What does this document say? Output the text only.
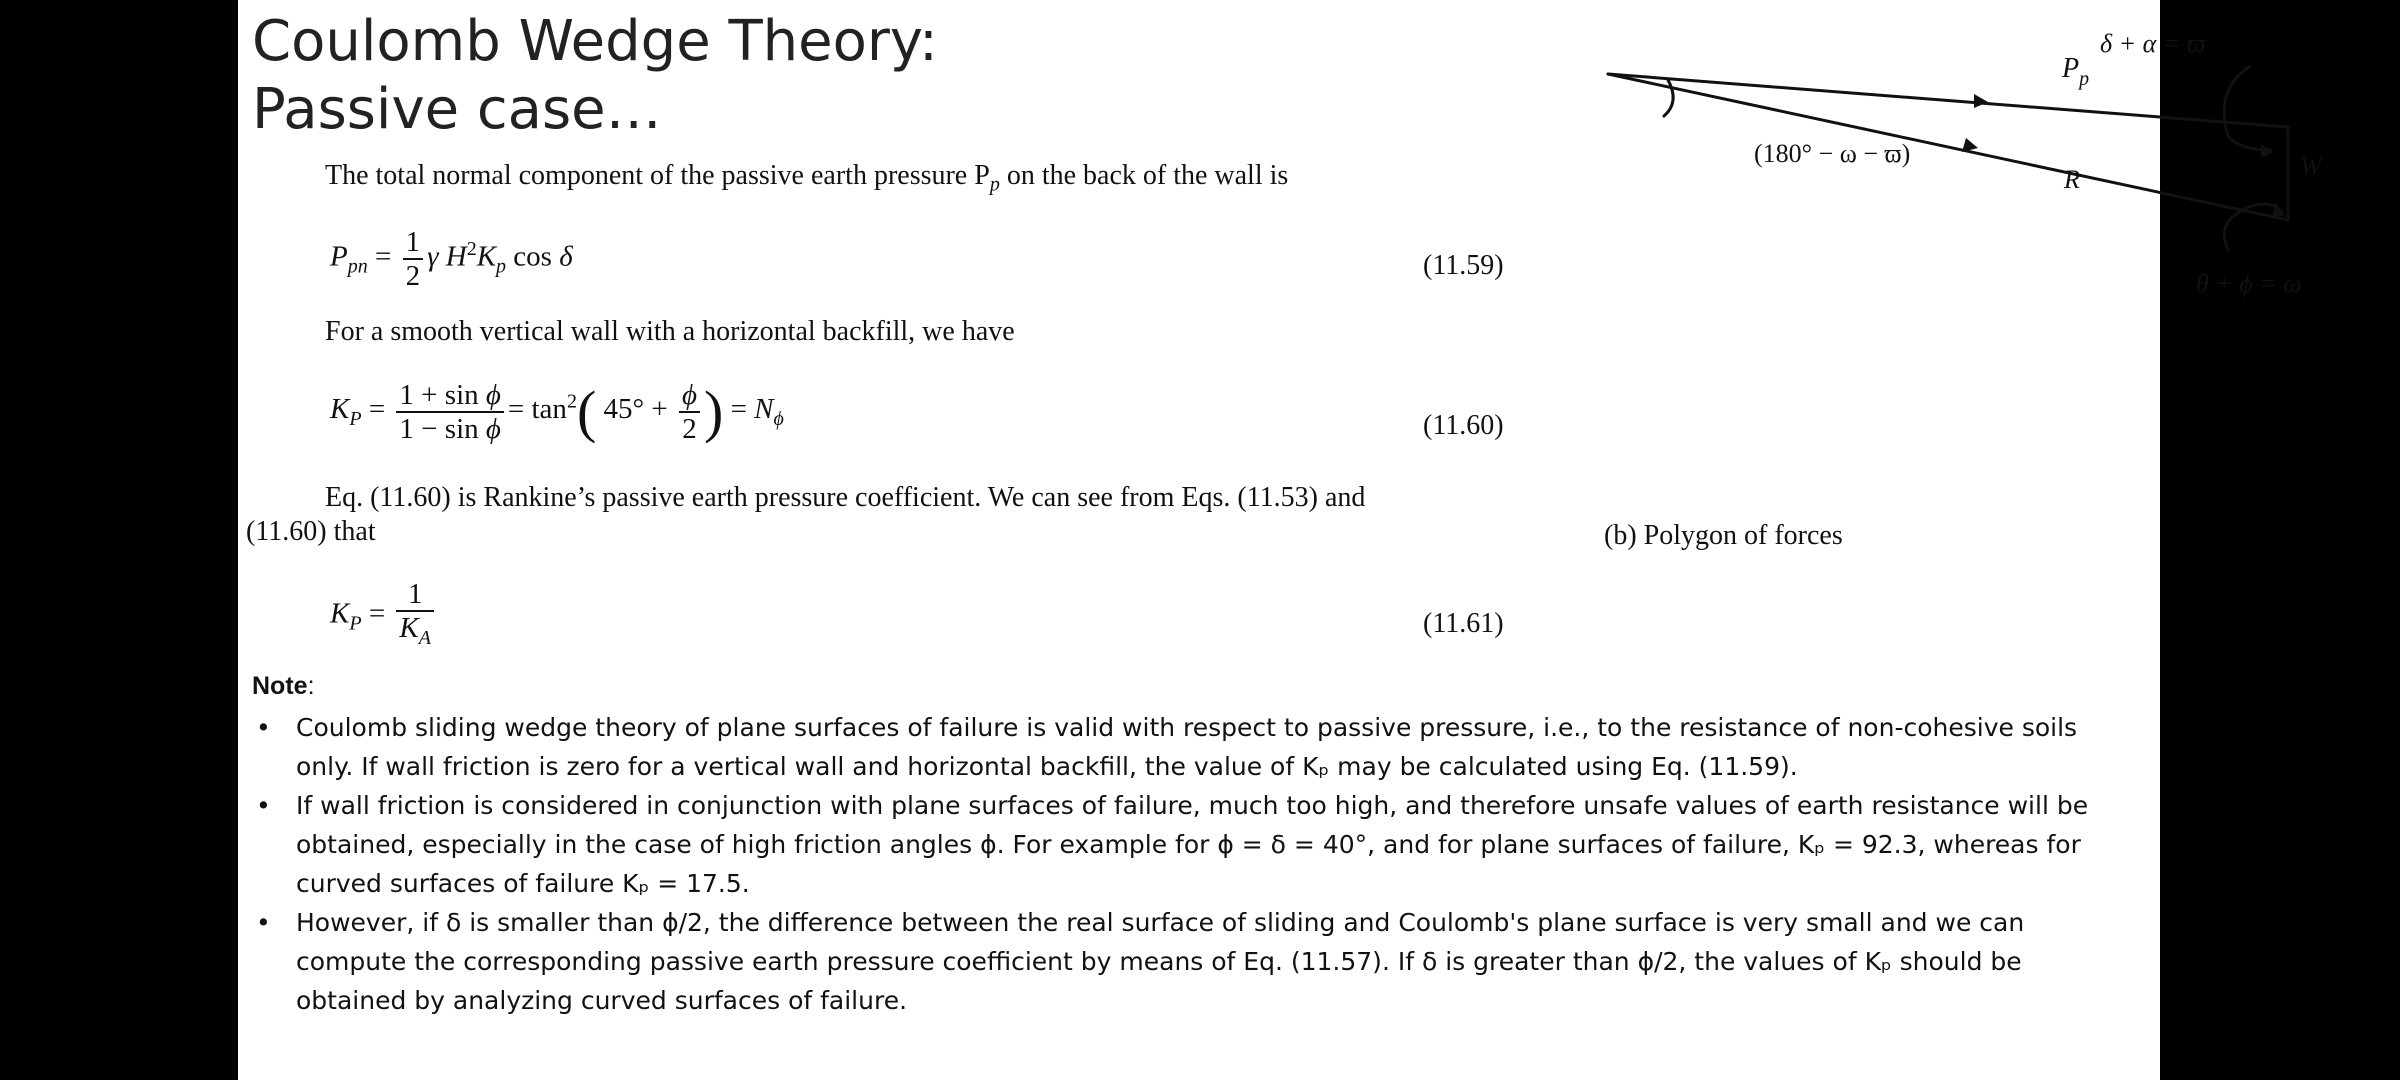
Coulomb Wedge Theory:
Passive case…
The total normal component of the passive earth pressure $P_p$ on the back of the wall is
$P_{pn} = \frac{1}{2}$ γ $H^2K_p$ cos δ	(11.59)
For a smooth vertical wall with a horizontal backfill, we have
$K_P = \frac{\text{1 + sin ϕ}}{\text{1 − sin ϕ}} = \tan^2$( $45^\circ + \frac{\phi}{2}$ ) = $N_\phi$	(11.60)
Eq. (11.60) is Rankine’s passive earth pressure coefficient. We can see from Eqs. (11.53) and
(11.60) that
$K_P = \frac{1}{K_A}$	(11.61)
Note:
• Coulomb sliding wedge theory of plane surfaces of failure is valid with respect to passive pressure, i.e., to the resistance of non-cohesive soils only. If wall friction is zero for a vertical wall and horizontal backfill, the value of Kₚ may be calculated using Eq. (11.59).
• If wall friction is considered in conjunction with plane surfaces of failure, much too high, and therefore unsafe values of earth resistance will be obtained, especially in the case of high friction angles ϕ. For example for ϕ = δ = 40°, and for plane surfaces of failure, Kₚ = 92.3, whereas for curved surfaces of failure Kₚ = 17.5.
• However, if δ is smaller than ϕ/2, the difference between the real surface of sliding and Coulomb's plane surface is very small and we can compute the corresponding passive earth pressure coefficient by means of Eq. (11.57). If δ is greater than ϕ/2, the values of Kₚ should be obtained by analyzing curved surfaces of failure.
δ + α = ϖ
$P_p$
(180° − ω − ϖ)
R	W
θ + ϕ = ω
(b) Polygon of forces
